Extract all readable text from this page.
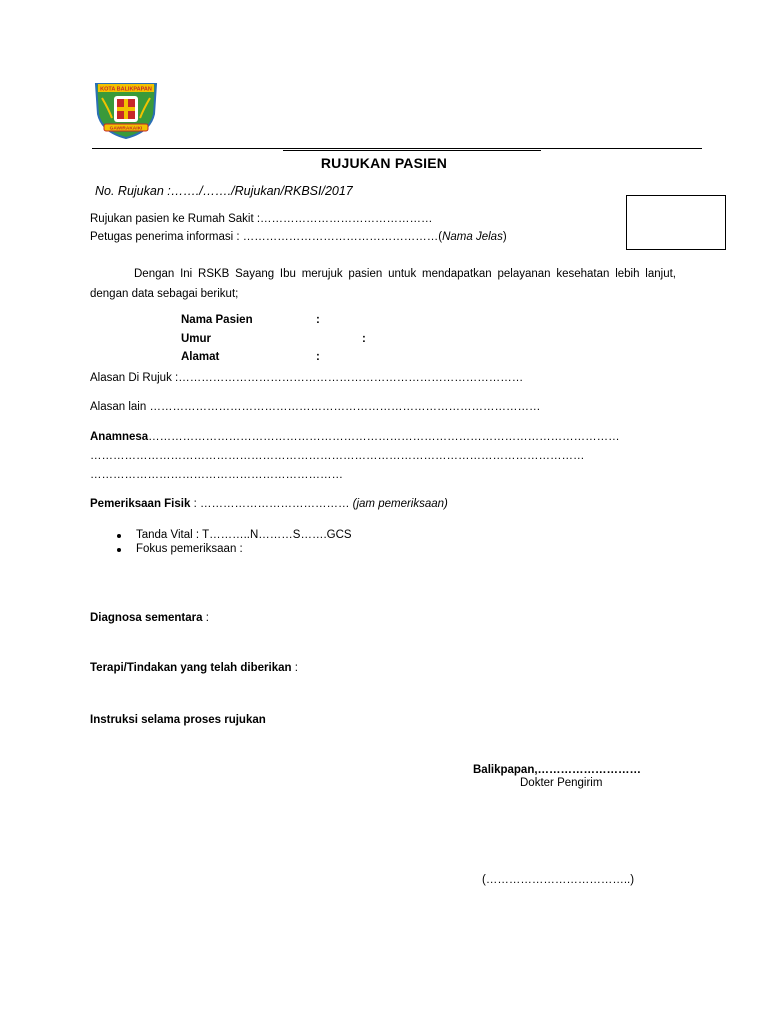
KOTA BALIKPAPAN
GAWIRAKAIKI
RUJUKAN PASIEN
No. Rujukan :……./……./Rujukan/RKBSI/2017
Rujukan pasien ke Rumah Sakit :………………………………………
Petugas penerima informasi : ……………………………………………(Nama Jelas)
Dengan Ini RSKB Sayang Ibu merujuk pasien untuk mendapatkan pelayanan kesehatan lebih lanjut, dengan data sebagai berikut;
Nama Pasien	:
Umur	:
Alamat	:
Alasan Di Rujuk :………………………………………………………………………………
Alasan lain …………………………………………………………………………………………
Anamnesa……………………………………………………………………………………………………………
…………………………………………………………………………………………………………………
…………………………………………………………
Pemeriksaan Fisik : ………………………………… (jam pemeriksaan)
Tanda Vital : T………..N………S…….GCS
Fokus pemeriksaan :
Diagnosa sementara :
Terapi/Tindakan yang telah diberikan :
Instruksi selama proses rujukan
Balikpapan,………………………
Dokter Pengirim
(………………………………..)
